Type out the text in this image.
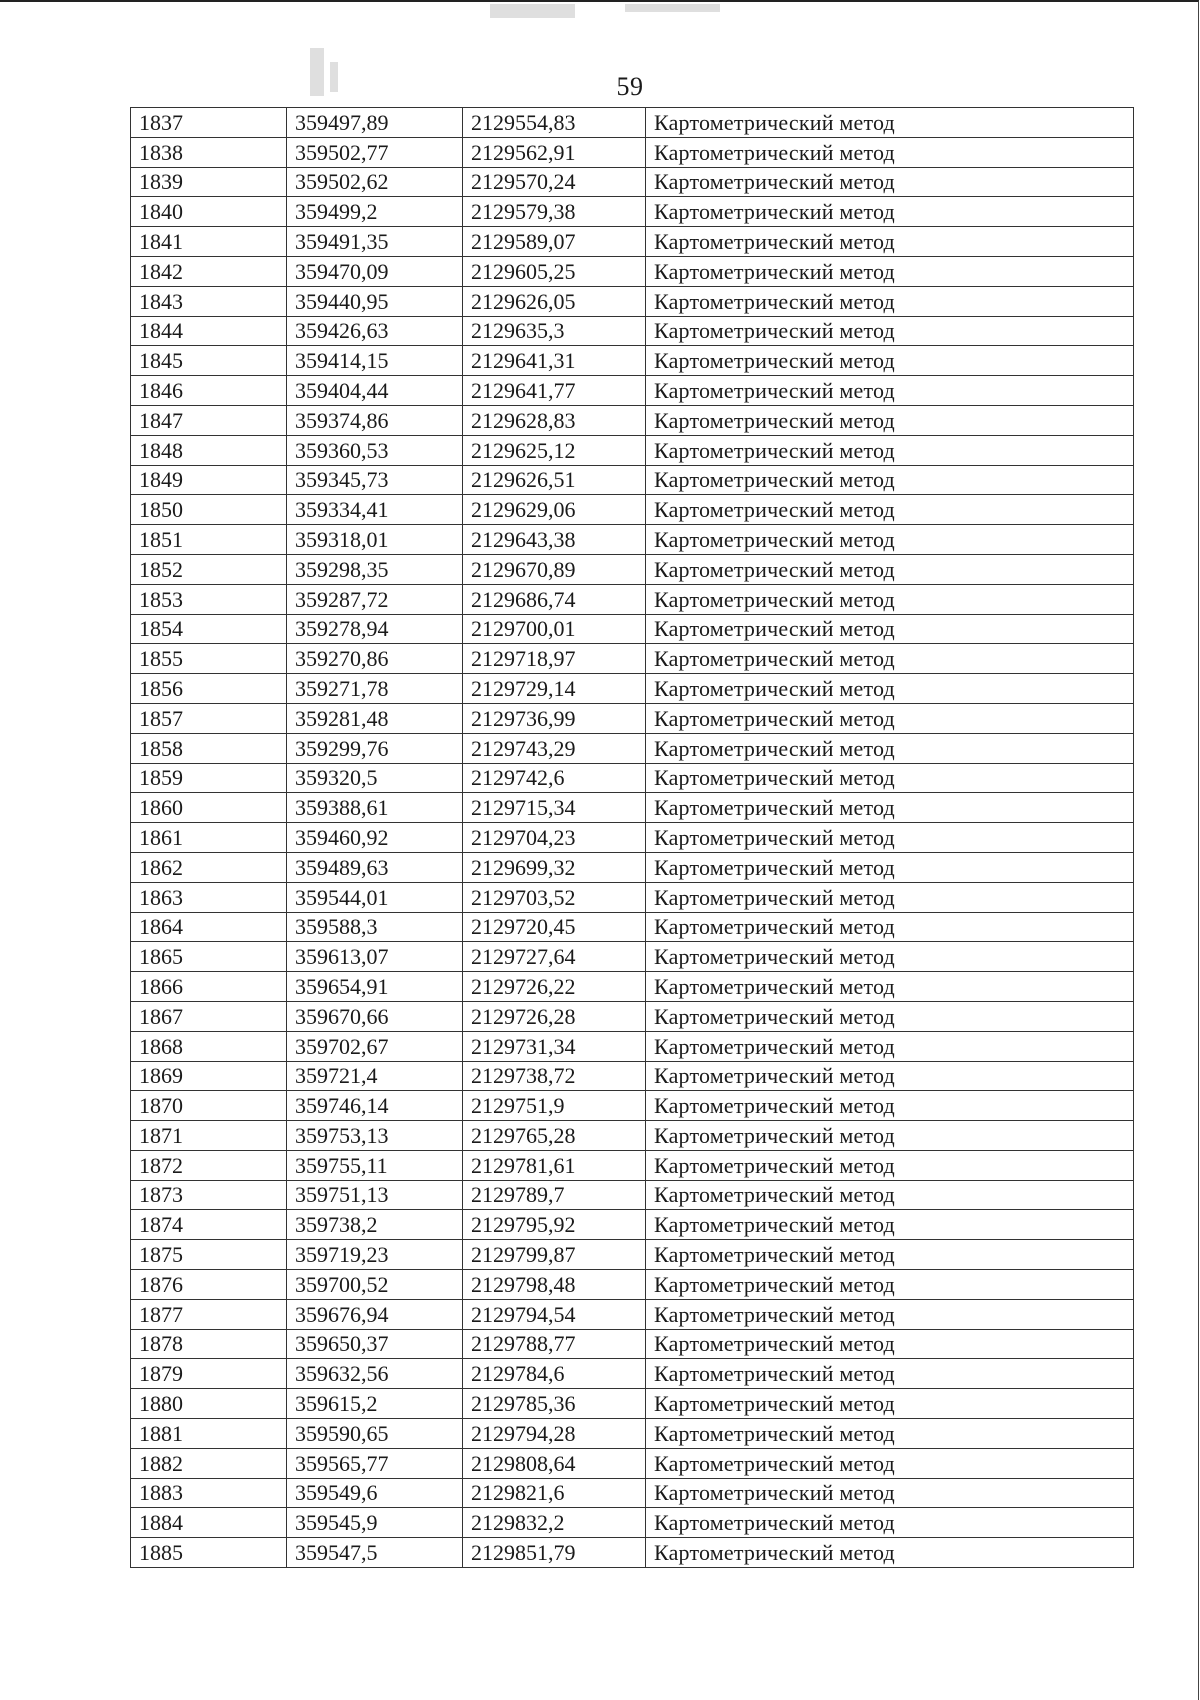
59
1837	359497,89	2129554,83	Картометрический метод
1838	359502,77	2129562,91	Картометрический метод
1839	359502,62	2129570,24	Картометрический метод
1840	359499,2	2129579,38	Картометрический метод
1841	359491,35	2129589,07	Картометрический метод
1842	359470,09	2129605,25	Картометрический метод
1843	359440,95	2129626,05	Картометрический метод
1844	359426,63	2129635,3	Картометрический метод
1845	359414,15	2129641,31	Картометрический метод
1846	359404,44	2129641,77	Картометрический метод
1847	359374,86	2129628,83	Картометрический метод
1848	359360,53	2129625,12	Картометрический метод
1849	359345,73	2129626,51	Картометрический метод
1850	359334,41	2129629,06	Картометрический метод
1851	359318,01	2129643,38	Картометрический метод
1852	359298,35	2129670,89	Картометрический метод
1853	359287,72	2129686,74	Картометрический метод
1854	359278,94	2129700,01	Картометрический метод
1855	359270,86	2129718,97	Картометрический метод
1856	359271,78	2129729,14	Картометрический метод
1857	359281,48	2129736,99	Картометрический метод
1858	359299,76	2129743,29	Картометрический метод
1859	359320,5	2129742,6	Картометрический метод
1860	359388,61	2129715,34	Картометрический метод
1861	359460,92	2129704,23	Картометрический метод
1862	359489,63	2129699,32	Картометрический метод
1863	359544,01	2129703,52	Картометрический метод
1864	359588,3	2129720,45	Картометрический метод
1865	359613,07	2129727,64	Картометрический метод
1866	359654,91	2129726,22	Картометрический метод
1867	359670,66	2129726,28	Картометрический метод
1868	359702,67	2129731,34	Картометрический метод
1869	359721,4	2129738,72	Картометрический метод
1870	359746,14	2129751,9	Картометрический метод
1871	359753,13	2129765,28	Картометрический метод
1872	359755,11	2129781,61	Картометрический метод
1873	359751,13	2129789,7	Картометрический метод
1874	359738,2	2129795,92	Картометрический метод
1875	359719,23	2129799,87	Картометрический метод
1876	359700,52	2129798,48	Картометрический метод
1877	359676,94	2129794,54	Картометрический метод
1878	359650,37	2129788,77	Картометрический метод
1879	359632,56	2129784,6	Картометрический метод
1880	359615,2	2129785,36	Картометрический метод
1881	359590,65	2129794,28	Картометрический метод
1882	359565,77	2129808,64	Картометрический метод
1883	359549,6	2129821,6	Картометрический метод
1884	359545,9	2129832,2	Картометрический метод
1885	359547,5	2129851,79	Картометрический метод
